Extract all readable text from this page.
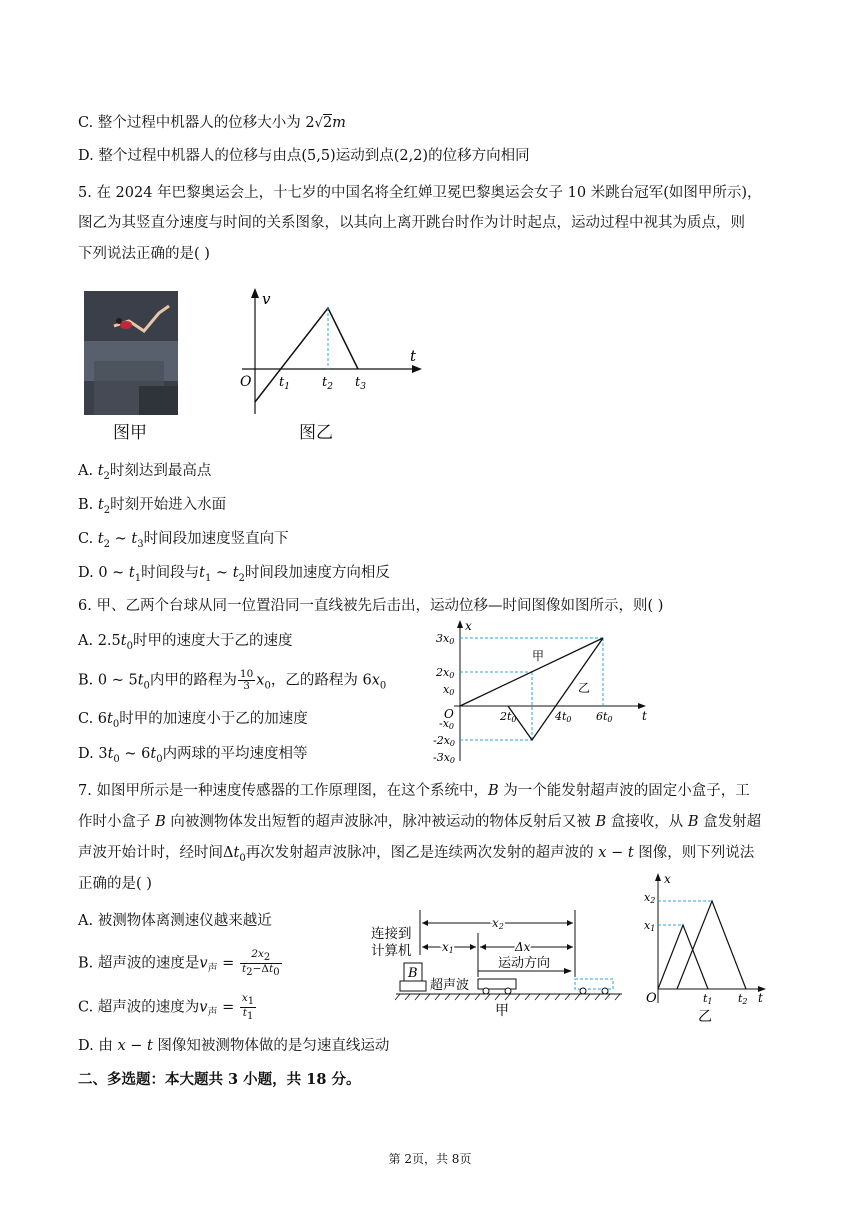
C. 整个过程中机器人的位移大小为 2√2m
D. 整个过程中机器人的位移与由点(5,5)运动到点(2,2)的位移方向相同
5. 在 2024 年巴黎奥运会上，十七岁的中国名将全红婵卫冕巴黎奥运会女子 10 米跳台冠军(如图甲所示)，
图乙为其竖直分速度与时间的关系图象，以其向上离开跳台时作为计时起点，运动过程中视其为质点，则
下列说法正确的是( )
图甲
v
t
O $t_1$ $t_2$ $t_3$
图乙
A. $t_2$时刻达到最高点
B. $t_2$时刻开始进入水面
C. $t_2$ ~ $t_3$时间段加速度竖直向下
D. 0 ~ $t_1$时间段与$t_1$ ~ $t_2$时间段加速度方向相反
6. 甲、乙两个台球从同一位置沿同一直线被先后击出，运动位移—时间图像如图所示，则( )
A. $2.5t_0$时甲的速度大于乙的速度
B. 0 ~ $5t_0$内甲的路程为 $\frac{10}{3} x_0$，乙的路程为 $6x_0$
C. $6t_0$时甲的加速度小于乙的加速度
D. $3t_0$ ~ $6t_0$内两球的平均速度相等
x
t
O
甲
乙
3x0
2x0
x0
-x0
-2x0
-3x0
2t0	4t0 6t0
7. 如图甲所示是一种速度传感器的工作原理图，在这个系统中，B 为一个能发射超声波的固定小盒子，工
作时小盒子 B 向被测物体发出短暂的超声波脉冲，脉冲被运动的物体反射后又被 B 盒接收，从 B 盒发射超
声波开始计时，经时间$\Delta t_0$再次发射超声波脉冲，图乙是连续两次发射的超声波的 x − t 图像，则下列说法
正确的是( )
A. 被测物体离测速仪越来越近
B. 超声波的速度是$v_声 = \frac{2x_2}{t_2-\Delta t_0}$
C. 超声波的速度为$v_声 = \frac{x_1}{t_1}$
D. 由 x − t 图像知被测物体做的是匀速直线运动
连接到
计算机
x2
x1	Δx
运动方向
B
超声波
甲
x
x2
x1
O	t1 t2 t
乙
二、多选题：本大题共 3 小题，共 18 分。
第 2页，共 8页
